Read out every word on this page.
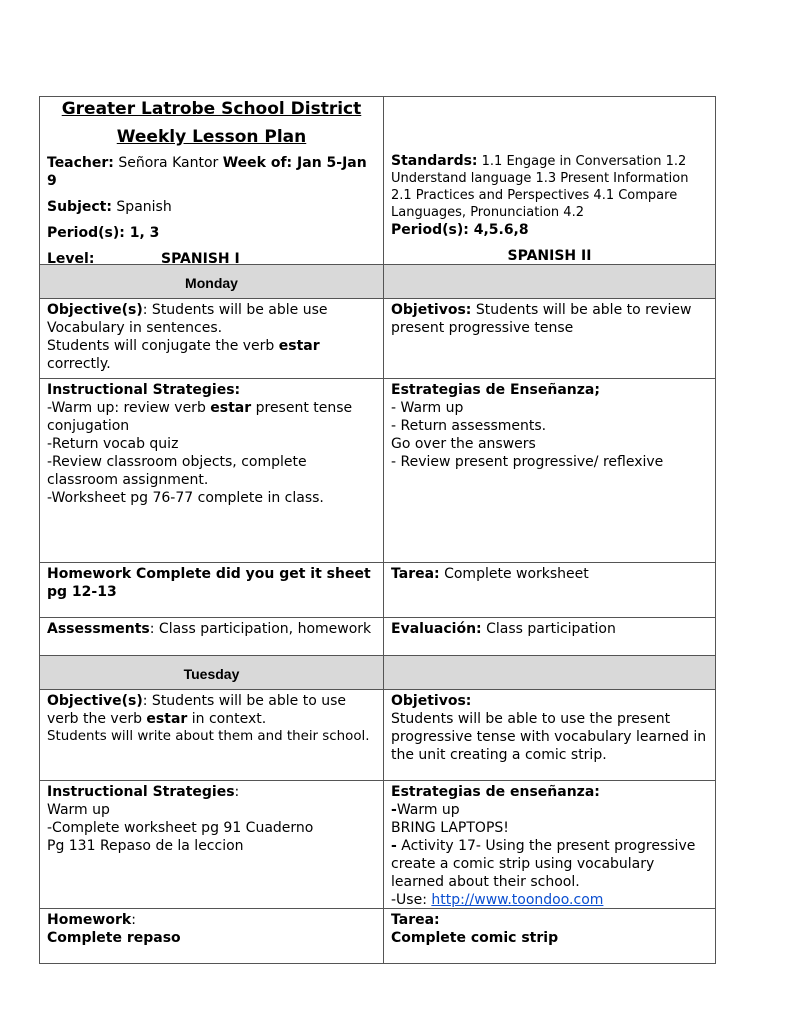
Greater Latrobe School District
Weekly Lesson Plan
Teacher: Señora Kantor Week of: Jan 5-Jan 9
Subject: Spanish
Period(s): 1, 3
Level:	SPANISH I
Standards: 1.1 Engage in Conversation 1.2 Understand language 1.3 Present Information 2.1 Practices and Perspectives 4.1 Compare Languages, Pronunciation 4.2
Period(s): 4,5.6,8
SPANISH II
Monday
Objective(s): Students will be able use Vocabulary in sentences.
Students will conjugate the verb estar correctly.
Objetivos: Students will be able to review present progressive tense
Instructional Strategies:
-Warm up: review verb estar present tense conjugation
-Return vocab quiz
-Review classroom objects, complete classroom assignment.
-Worksheet pg 76-77 complete in class.
Estrategias de Enseñanza;
- Warm up
- Return assessments.
Go over the answers
- Review present progressive/ reflexive
Homework Complete did you get it sheet pg 12-13
Tarea: Complete worksheet
Assessments: Class participation, homework	Evaluación: Class participation
Tuesday
Objective(s): Students will be able to use verb the verb estar in context.
Students will write about them and their school.
Objetivos:
Students will be able to use the present progressive tense with vocabulary learned in the unit creating a comic strip.
Instructional Strategies:
Warm up
-Complete worksheet pg 91 Cuaderno
Pg 131 Repaso de la leccion
Estrategias de enseñanza:
-Warm up
BRING LAPTOPS!
- Activity 17- Using the present progressive create a comic strip using vocabulary learned about their school.
-Use: http://www.toondoo.com
Homework:
Complete repaso
Tarea:
Complete comic strip
